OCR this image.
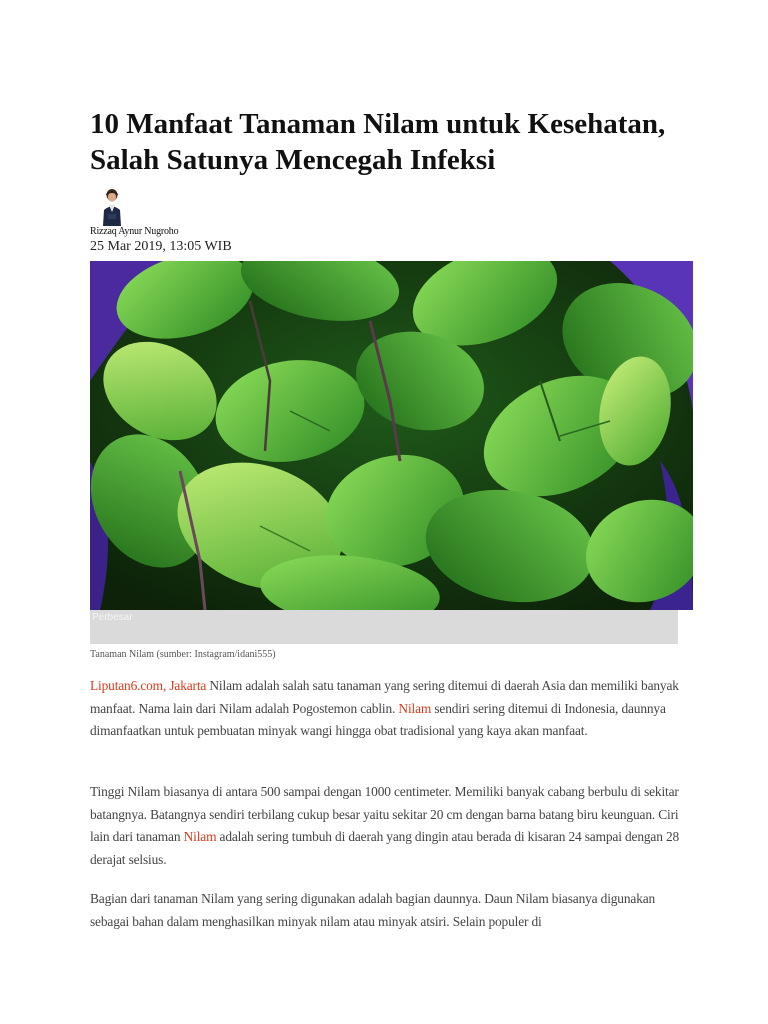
10 Manfaat Tanaman Nilam untuk Kesehatan, Salah Satunya Mencegah Infeksi
Rizzaq Aynur Nugroho
25 Mar 2019, 13:05 WIB
Perbesar
Tanaman Nilam (sumber: Instagram/idani555)

Liputan6.com, Jakarta Nilam adalah salah satu tanaman yang sering ditemui di daerah Asia dan memiliki banyak manfaat. Nama lain dari Nilam adalah Pogostemon cablin. Nilam sendiri sering ditemui di Indonesia, daunnya dimanfaatkan untuk pembuatan minyak wangi hingga obat tradisional yang kaya akan manfaat.

Tinggi Nilam biasanya di antara 500 sampai dengan 1000 centimeter. Memiliki banyak cabang berbulu di sekitar batangnya. Batangnya sendiri terbilang cukup besar yaitu sekitar 20 cm dengan barna batang biru keunguan. Ciri lain dari tanaman Nilam adalah sering tumbuh di daerah yang dingin atau berada di kisaran 24 sampai dengan 28 derajat selsius.

Bagian dari tanaman Nilam yang sering digunakan adalah bagian daunnya. Daun Nilam biasanya digunakan sebagai bahan dalam menghasilkan minyak nilam atau minyak atsiri. Selain populer di
